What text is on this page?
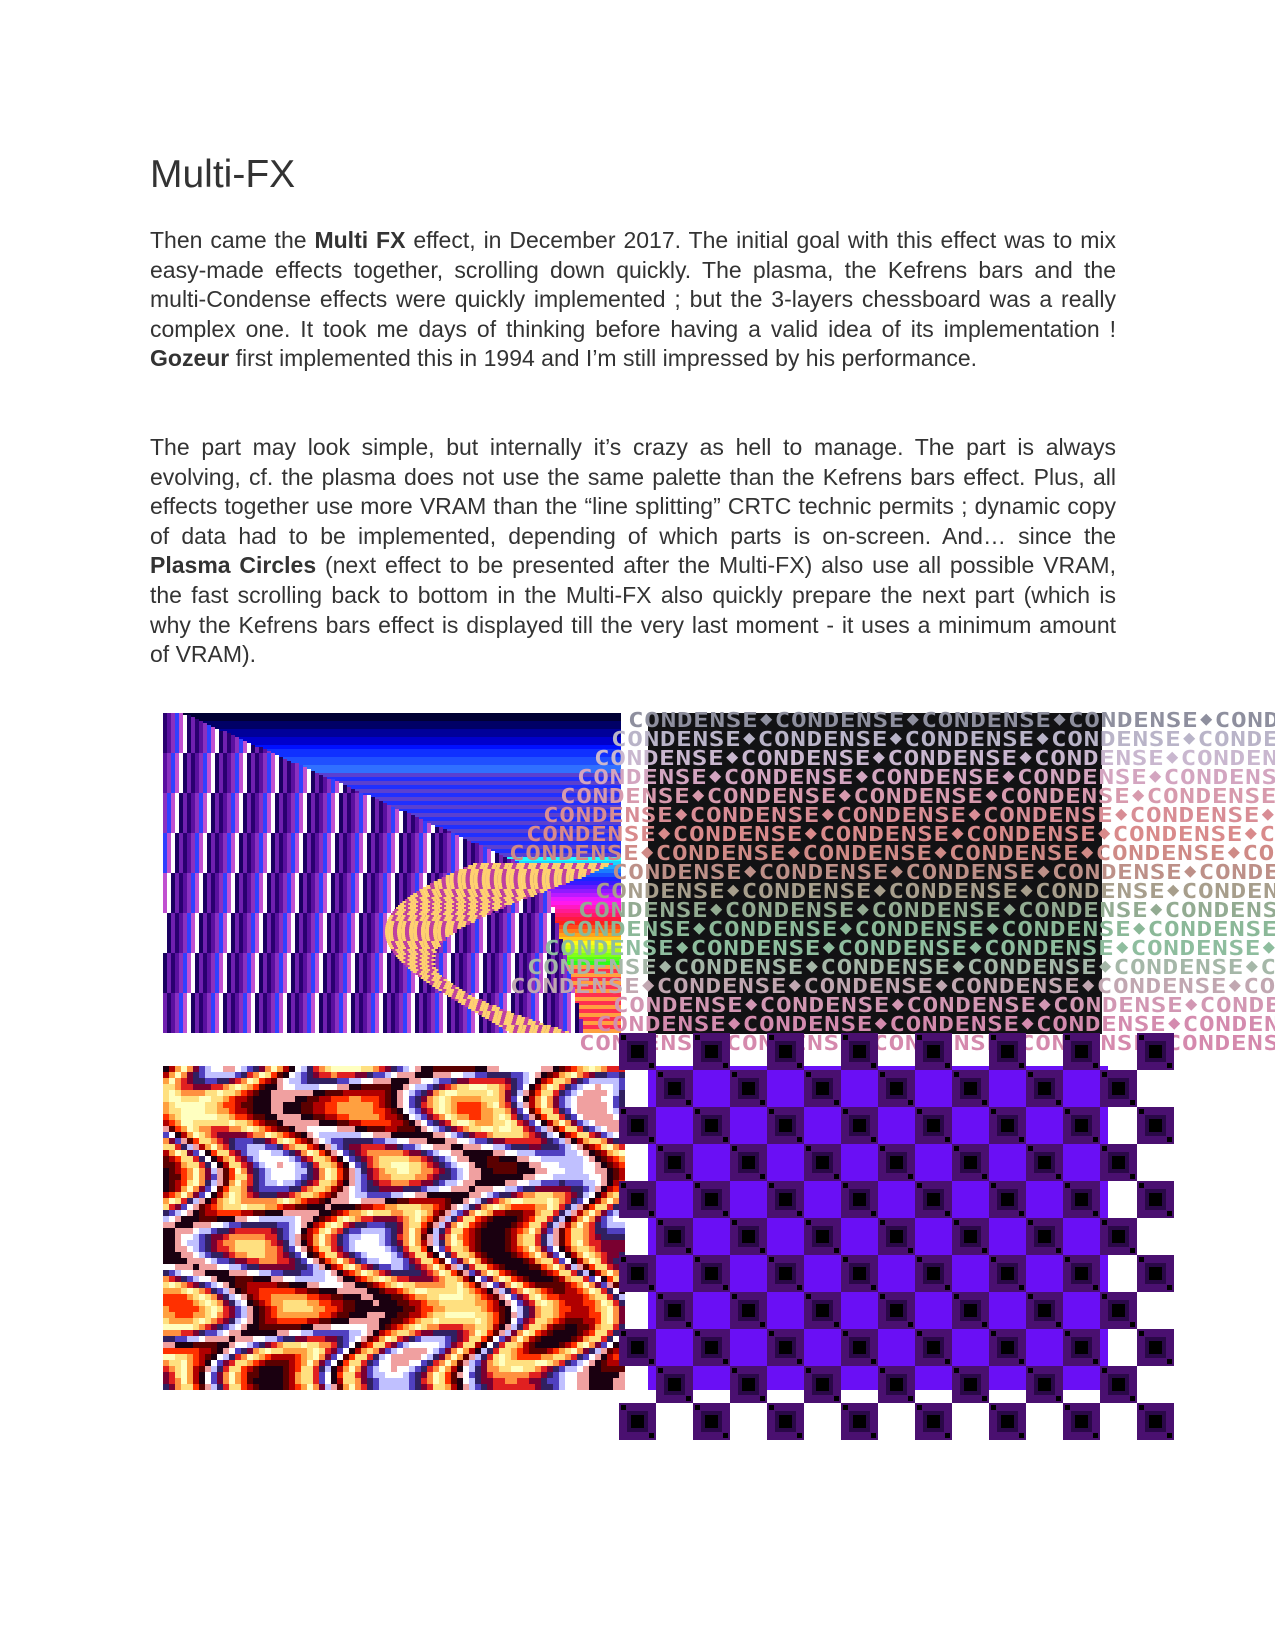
Multi-FX

Then came the Multi FX effect, in December 2017. The initial goal with this effect was to mix easy-made effects together, scrolling down quickly. The plasma, the Kefrens bars and the multi-Condense effects were quickly implemented ; but the 3-layers chessboard was a really complex one. It took me days of thinking before having a valid idea of its implementation ! Gozeur first implemented this in 1994 and I’m still impressed by his performance.

The part may look simple, but internally it’s crazy as hell to manage. The part is always evolving, cf. the plasma does not use the same palette than the Kefrens bars effect. Plus, all effects together use more VRAM than the “line splitting” CRTC technic permits ; dynamic copy of data had to be implemented, depending of which parts is on-screen. And… since the Plasma Circles (next effect to be presented after the Multi-FX) also use all possible VRAM, the fast scrolling back to bottom in the Multi-FX also quickly prepare the next part (which is why the Kefrens bars effect is displayed till the very last moment - it uses a minimum amount of VRAM).

CONDENSE♦CONDENSE♦CONDENSE♦CONDENSE♦COND
CONDENSE♦CONDENSE♦CONDENSE♦CONDENSE♦CONDE
CONDENSE♦CONDENSE♦CONDENSE♦CONDENSE♦CONDEN
CONDENSE♦CONDENSE♦CONDENSE♦CONDENSE♦CONDENS
CONDENSE♦CONDENSE♦CONDENSE♦CONDENSE♦CONDENSE
CONDENSE♦CONDENSE♦CONDENSE♦CONDENSE♦CONDENSE♦
CONDENSE♦CONDENSE♦CONDENSE♦CONDENSE♦CONDENSE♦C
CONDENSE♦CONDENSE♦CONDENSE♦CONDENSE♦CONDENSE♦CO
CONDENSE♦CONDENSE♦CONDENSE♦CONDENSE♦CONDE
CONDENSE♦CONDENSE♦CONDENSE♦CONDENSE♦CONDEN
CONDENSE♦CONDENSE♦CONDENSE♦CONDENSE♦CONDENS
CONDENSE♦CONDENSE♦CONDENSE♦CONDENSE♦CONDENSE
CONDENSE♦CONDENSE♦CONDENSE♦CONDENSE♦CONDENSE♦
CONDENSE♦CONDENSE♦CONDENSE♦CONDENSE♦CONDENSE♦C
CONDENSE♦CONDENSE♦CONDENSE♦CONDENSE♦CONDENSE♦CO
CONDENSE♦CONDENSE♦CONDENSE♦CONDENSE♦CONDE
CONDENSE♦CONDENSE♦CONDENSE♦CONDENSE♦CONDEN
